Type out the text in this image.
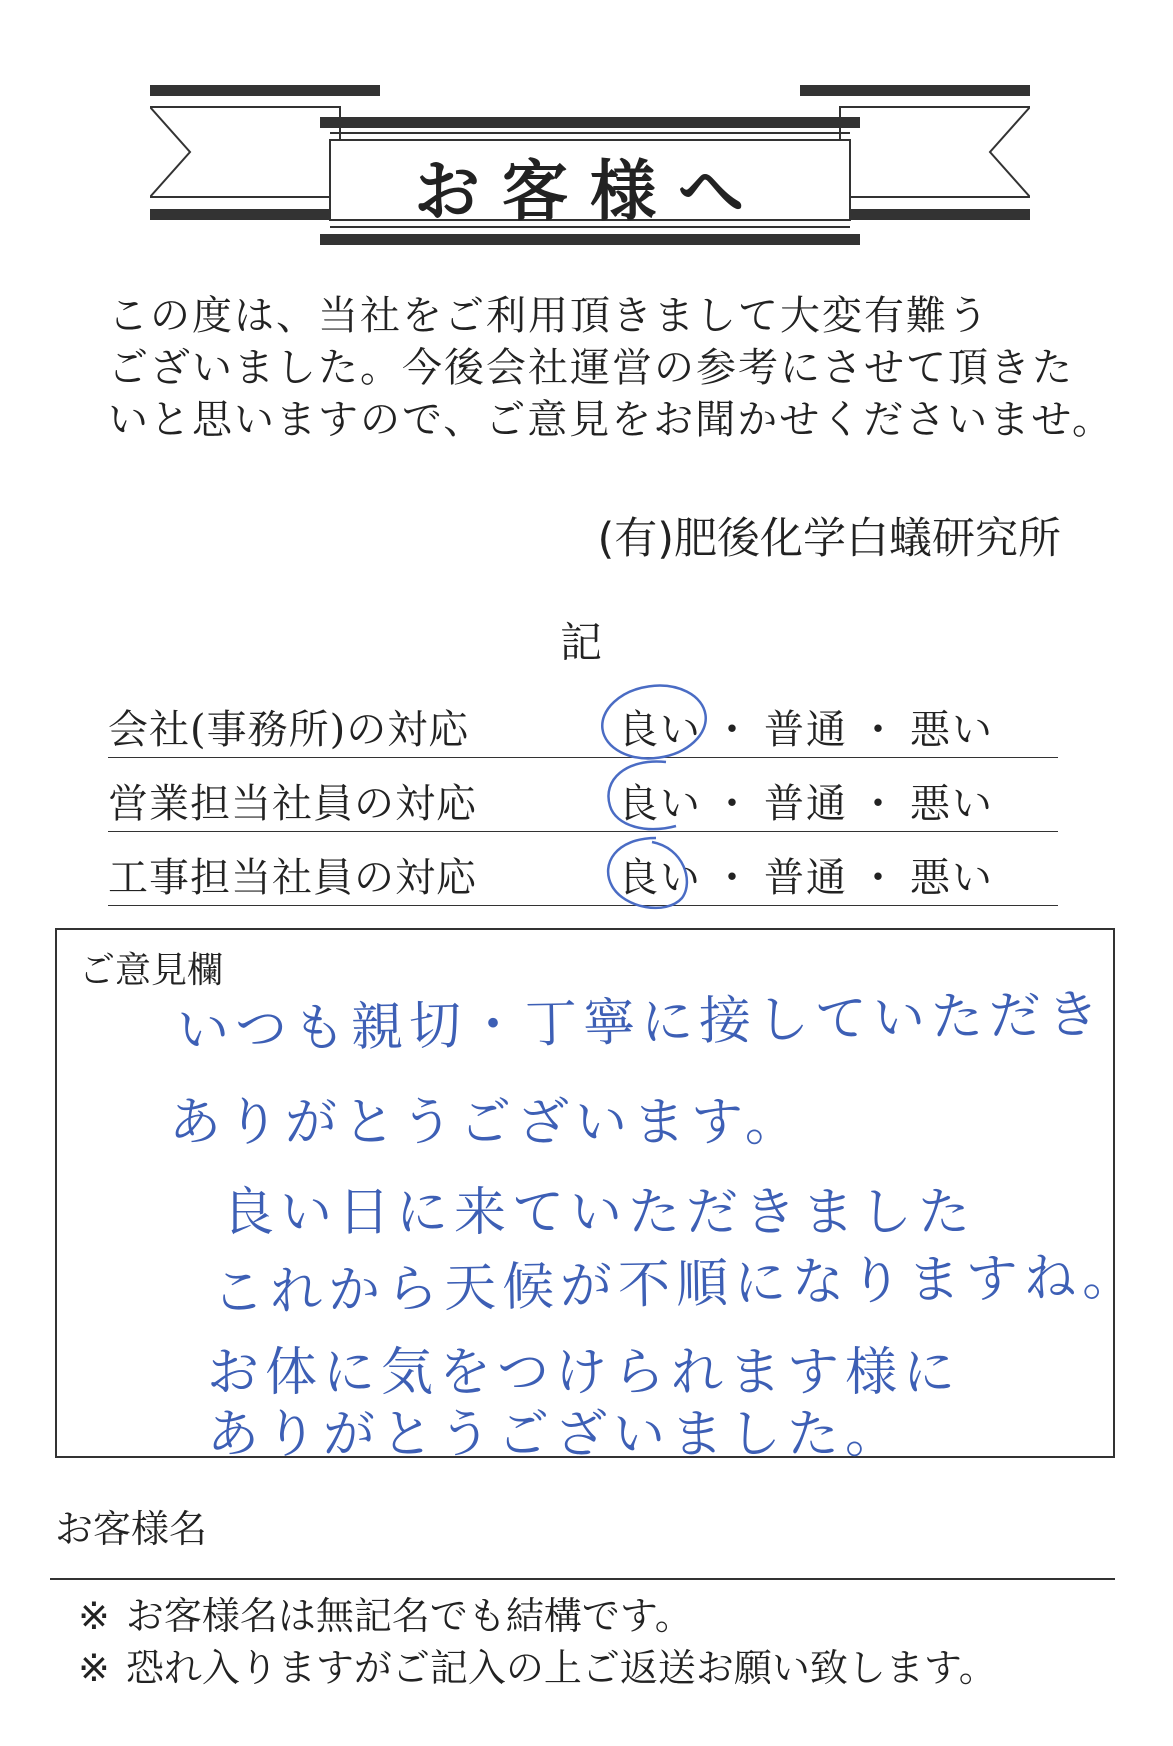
お客様へ
この度は、当社をご利用頂きまして大変有難う
ございました。今後会社運営の参考にさせて頂きた
いと思いますので、ご意見をお聞かせくださいませ。
(有)肥後化学白蟻研究所
記
会社(事務所)の対応	良い ・ 普通 ・ 悪い
営業担当社員の対応	良い ・ 普通 ・ 悪い
工事担当社員の対応	良い ・ 普通 ・ 悪い
ご意見欄
いつも親切・丁寧に接していただき
ありがとうございます。
良い日に来ていただきました
これから天候が不順になりますね。
お体に気をつけられます様に
ありがとうございました。
お客様名
※ お客様名は無記名でも結構です。
※ 恐れ入りますがご記入の上ご返送お願い致します。
